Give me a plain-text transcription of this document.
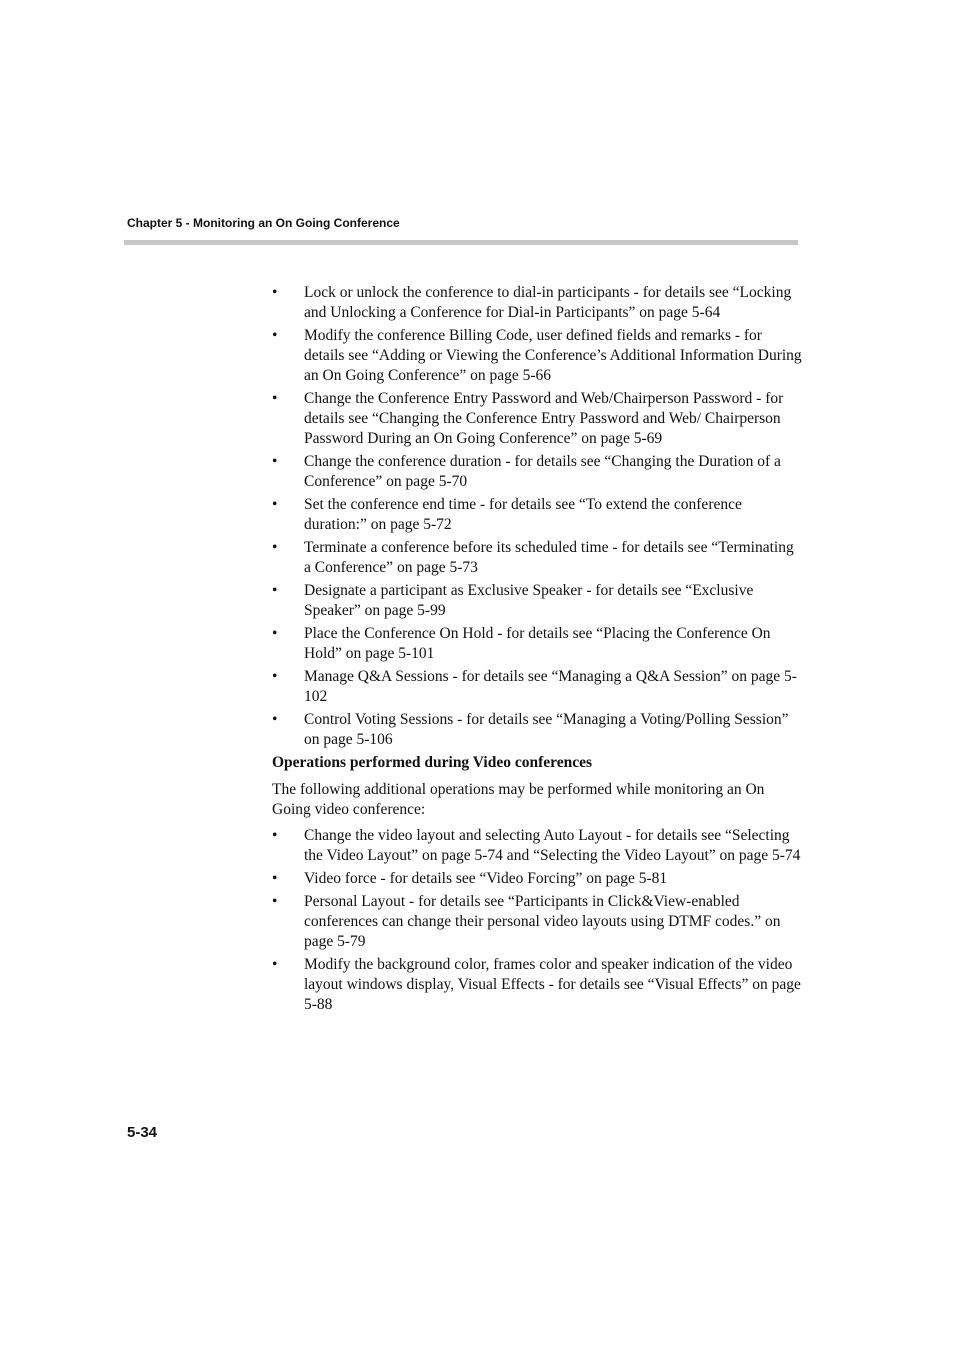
Chapter 5 - Monitoring an On Going Conference
• Lock or unlock the conference to dial-in participants - for details see “Locking and Unlocking a Conference for Dial-in Participants” on page 5-64
• Modify the conference Billing Code, user defined fields and remarks - for details see “Adding or Viewing the Conference’s Additional Information During an On Going Conference” on page 5-66
• Change the Conference Entry Password and Web/Chairperson Password - for details see “Changing the Conference Entry Password and Web/ Chairperson Password During an On Going Conference” on page 5-69
• Change the conference duration - for details see “Changing the Duration of a Conference” on page 5-70
• Set the conference end time - for details see “To extend the conference duration:” on page 5-72
• Terminate a conference before its scheduled time - for details see “Terminating a Conference” on page 5-73
• Designate a participant as Exclusive Speaker - for details see “Exclusive Speaker” on page 5-99
• Place the Conference On Hold - for details see “Placing the Conference On Hold” on page 5-101
• Manage Q&A Sessions - for details see “Managing a Q&A Session” on page 5-102
• Control Voting Sessions - for details see “Managing a Voting/Polling Session” on page 5-106
Operations performed during Video conferences
The following additional operations may be performed while monitoring an On Going video conference:
• Change the video layout and selecting Auto Layout - for details see “Selecting the Video Layout” on page 5-74 and “Selecting the Video Layout” on page 5-74
• Video force - for details see “Video Forcing” on page 5-81
• Personal Layout - for details see “Participants in Click&View-enabled conferences can change their personal video layouts using DTMF codes.” on page 5-79
• Modify the background color, frames color and speaker indication of the video layout windows display, Visual Effects - for details see “Visual Effects” on page 5-88
5-34
